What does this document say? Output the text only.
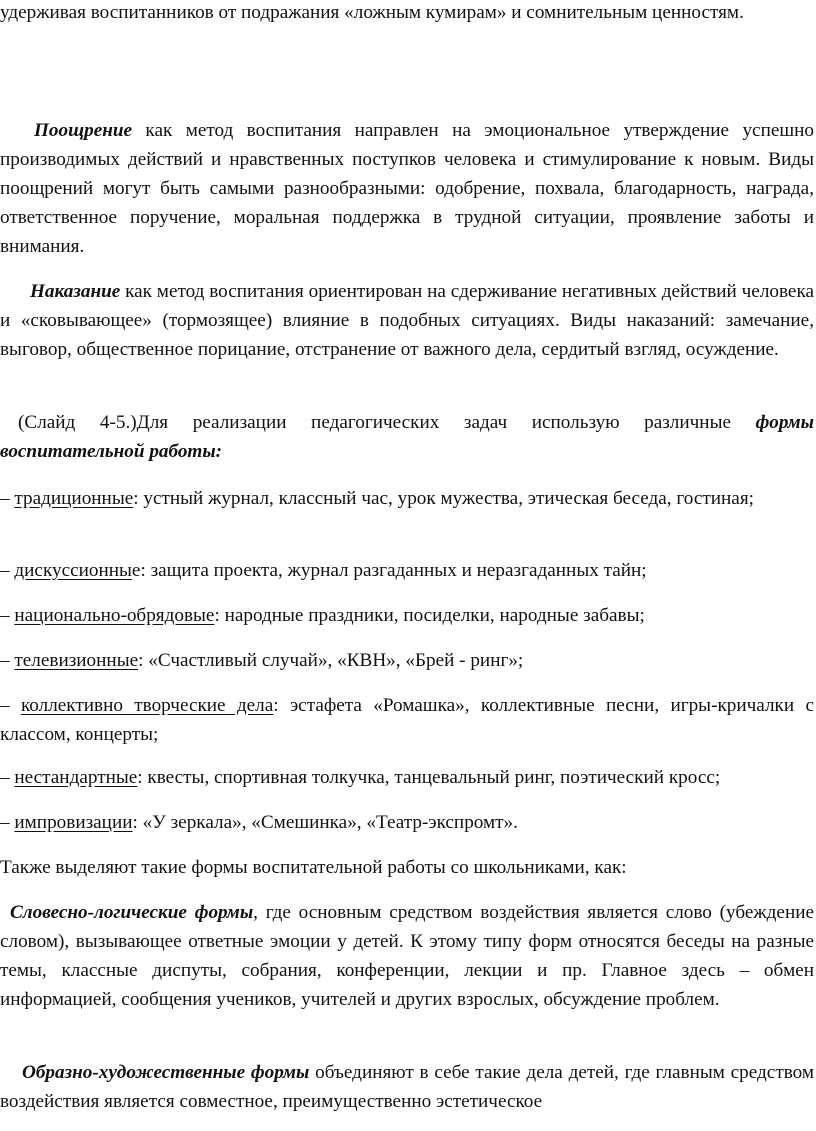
удерживая воспитанников от подражания «ложным кумирам» и сомнительным ценностям.

Поощрение как метод воспитания направлен на эмоциональное утверждение успешно производимых действий и нравственных поступков человека и стимулирование к новым. Виды поощрений могут быть самыми разнообразными: одобрение, похвала, благодарность, награда, ответственное поручение, моральная поддержка в трудной ситуации, проявление заботы и внимания.

Наказание как метод воспитания ориентирован на сдерживание негативных действий человека и «сковывающее» (тормозящее) влияние в подобных ситуациях. Виды наказаний: замечание, выговор, общественное порицание, отстранение от важного дела, сердитый взгляд, осуждение.

(Слайд 4-5.)Для реализации педагогических задач использую различные формы воспитательной работы:

– традиционные: устный журнал, классный час, урок мужества, этическая беседа, гостиная;

– дискуссионные: защита проекта, журнал разгаданных и неразгаданных тайн;

– национально-обрядовые: народные праздники, посиделки, народные забавы;

– телевизионные: «Счастливый случай», «КВН», «Брей - ринг»;

– коллективно творческие дела: эстафета «Ромашка», коллективные песни, игры-кричалки с классом, концерты;

– нестандартные: квесты, спортивная толкучка, танцевальный ринг, поэтический кросс;

– импровизации: «У зеркала», «Смешинка», «Театр-экспромт».

Также выделяют такие формы воспитательной работы со школьниками, как:

Словесно-логические формы, где основным средством воздействия является слово (убеждение словом), вызывающее ответные эмоции у детей. К этому типу форм относятся беседы на разные темы, классные диспуты, собрания, конференции, лекции и пр. Главное здесь – обмен информацией, сообщения учеников, учителей и других взрослых, обсуждение проблем.

Образно-художественные формы объединяют в себе такие дела детей, где главным средством воздействия является совместное, преимущественно эстетическое
